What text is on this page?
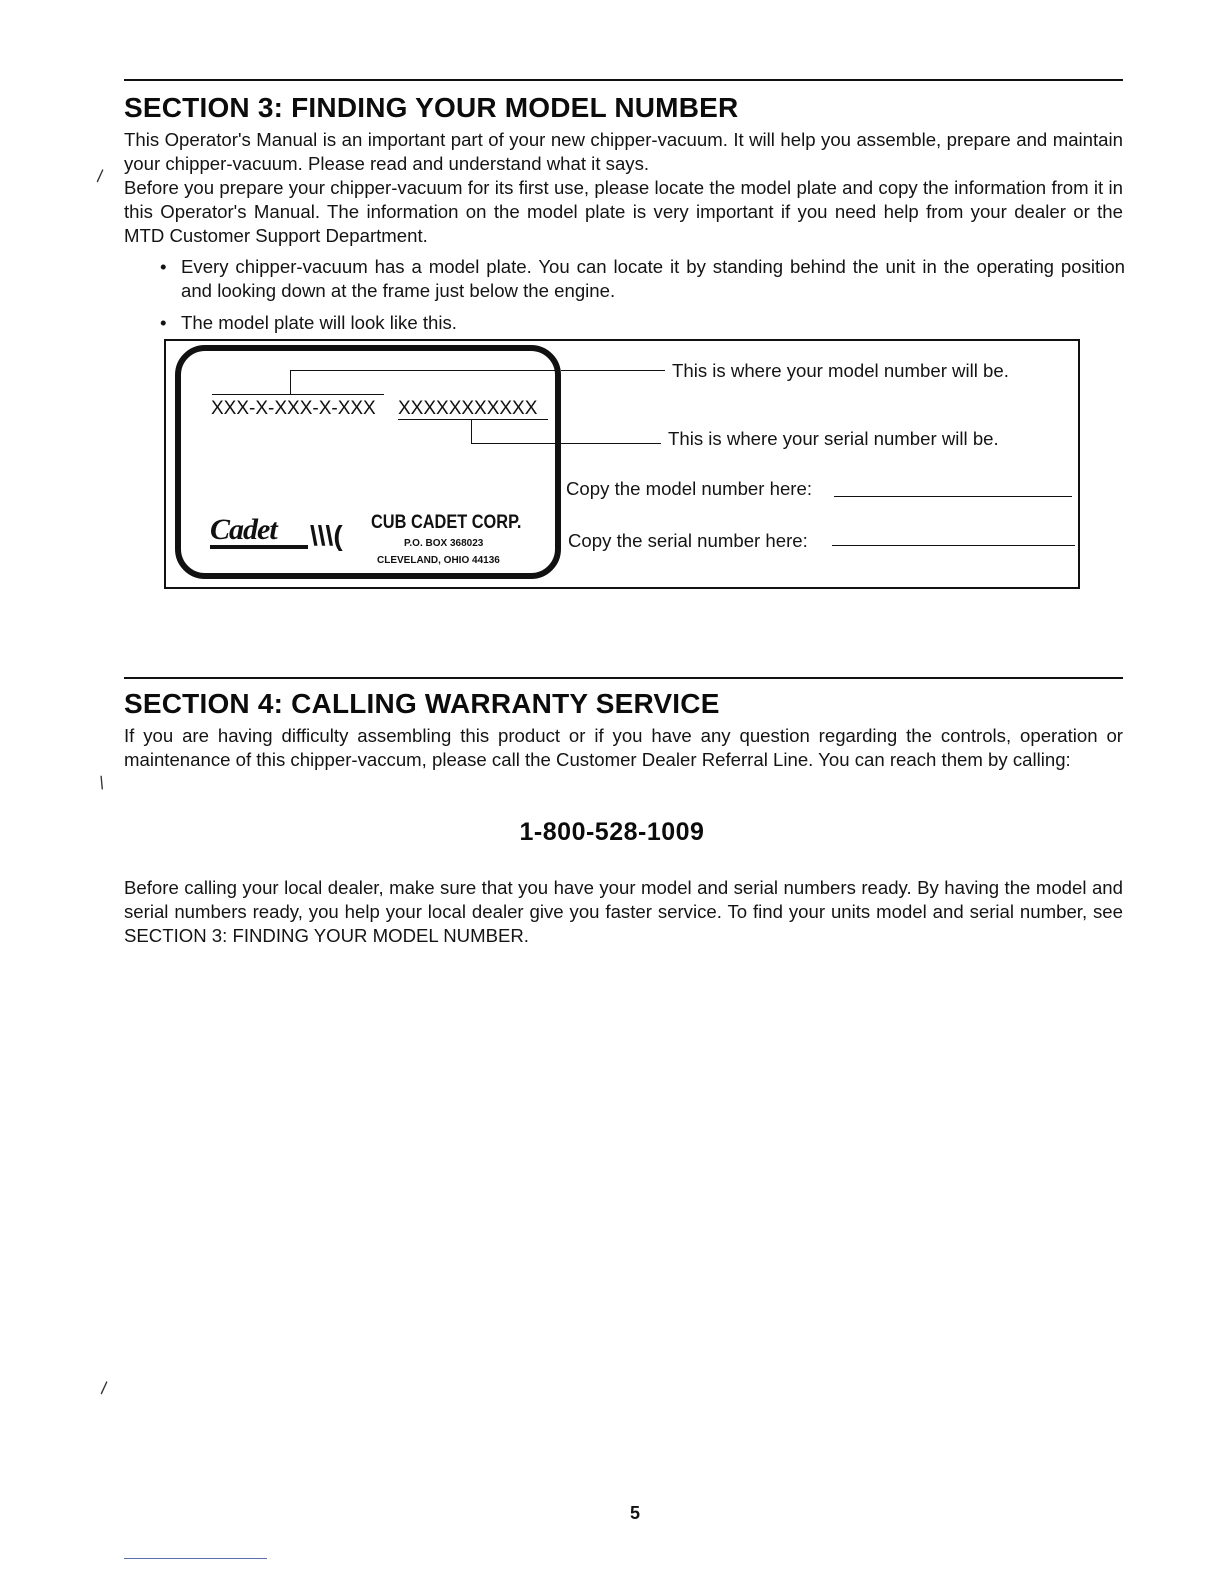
SECTION 3: FINDING YOUR MODEL NUMBER

This Operator's Manual is an important part of your new chipper-vacuum. It will help you assemble, prepare and maintain your chipper-vacuum. Please read and understand what it says.

Before you prepare your chipper-vacuum for its first use, please locate the model plate and copy the information from it in this Operator's Manual. The information on the model plate is very important if you need help from your dealer or the MTD Customer Support Department.

• Every chipper-vacuum has a model plate. You can locate it by standing behind the unit in the operating position and looking down at the frame just below the engine.
• The model plate will look like this.
XXX-X-XXX-X-XXX XXXXXXXXXXX
Cadet \\\( CUB CADET CORP.
P.O. BOX 368023
CLEVELAND, OHIO 44136
This is where your model number will be.
This is where your serial number will be.
Copy the model number here:
Copy the serial number here:
SECTION 4: CALLING WARRANTY SERVICE

If you are having difficulty assembling this product or if you have any question regarding the controls, operation or maintenance of this chipper-vaccum, please call the Customer Dealer Referral Line. You can reach them by calling:

1-800-528-1009

Before calling your local dealer, make sure that you have your model and serial numbers ready. By having the model and serial numbers ready, you help your local dealer give you faster service. To find your units model and serial number, see SECTION 3: FINDING YOUR MODEL NUMBER.

\
\
\
5
